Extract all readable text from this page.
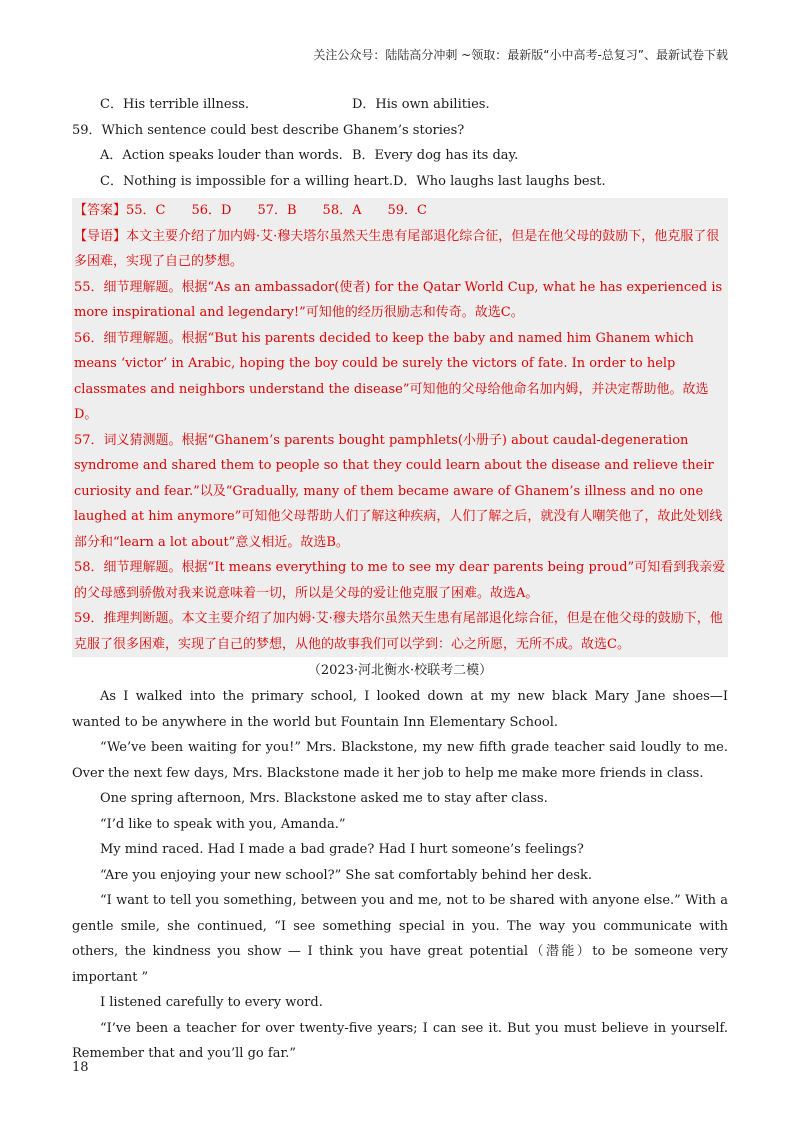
关注公众号：陆陆高分冲刺 ~领取：最新版“小中高考-总复习”、最新试卷下载
C．His terrible illness.	D．His own abilities.

59．Which sentence could best describe Ghanem’s stories?

A．Action speaks louder than words. B．Every dog has its day.
C．Nothing is impossible for a willing heart. D．Who laughs last laughs best.

【答案】55．C　　56．D　　57．B　　58．A　　59．C

【导语】本文主要介绍了加内姆·艾·穆夫塔尔虽然天生患有尾部退化综合征，但是在他父母的鼓励下，他克服了很多困难，实现了自己的梦想。

55．细节理解题。根据“As an ambassador(使者) for the Qatar World Cup, what he has experienced is more inspirational and legendary!”可知他的经历很励志和传奇。故选C。

56．细节理解题。根据“But his parents decided to keep the baby and named him Ghanem which means ‘victor’ in Arabic, hoping the boy could be surely the victors of fate. In order to help classmates and neighbors understand the disease”可知他的父母给他命名加内姆，并决定帮助他。故选D。

57．词义猜测题。根据“Ghanem’s parents bought pamphlets(小册子) about caudal-degeneration syndrome and shared them to people so that they could learn about the disease and relieve their curiosity and fear.”以及“Gradually, many of them became aware of Ghanem’s illness and no one laughed at him anymore”可知他父母帮助人们了解这种疾病，人们了解之后，就没有人嘲笑他了，故此处划线部分和“learn a lot about”意义相近。故选B。

58．细节理解题。根据“It means everything to me to see my dear parents being proud”可知看到我亲爱的父母感到骄傲对我来说意味着一切，所以是父母的爱让他克服了困难。故选A。

59．推理判断题。本文主要介绍了加内姆·艾·穆夫塔尔虽然天生患有尾部退化综合征，但是在他父母的鼓励下，他克服了很多困难，实现了自己的梦想，从他的故事我们可以学到：心之所愿，无所不成。故选C。

（2023·河北衡水·校联考二模）

As I walked into the primary school, I looked down at my new black Mary Jane shoes—I wanted to be anywhere in the world but Fountain Inn Elementary School.

“We’ve been waiting for you!” Mrs. Blackstone, my new fifth grade teacher said loudly to me. Over the next few days, Mrs. Blackstone made it her job to help me make more friends in class.

One spring afternoon, Mrs. Blackstone asked me to stay after class.

“I’d like to speak with you, Amanda.”

My mind raced. Had I made a bad grade? Had I hurt someone’s feelings?

“Are you enjoying your new school?” She sat comfortably behind her desk.

“I want to tell you something, between you and me, not to be shared with anyone else.” With a gentle smile, she continued, “I see something special in you. The way you communicate with others, the kindness you show — I think you have great potential（潜能）to be someone very important ”

I listened carefully to every word.

“I’ve been a teacher for over twenty-five years; I can see it. But you must believe in yourself. Remember that and you’ll go far.”

18
